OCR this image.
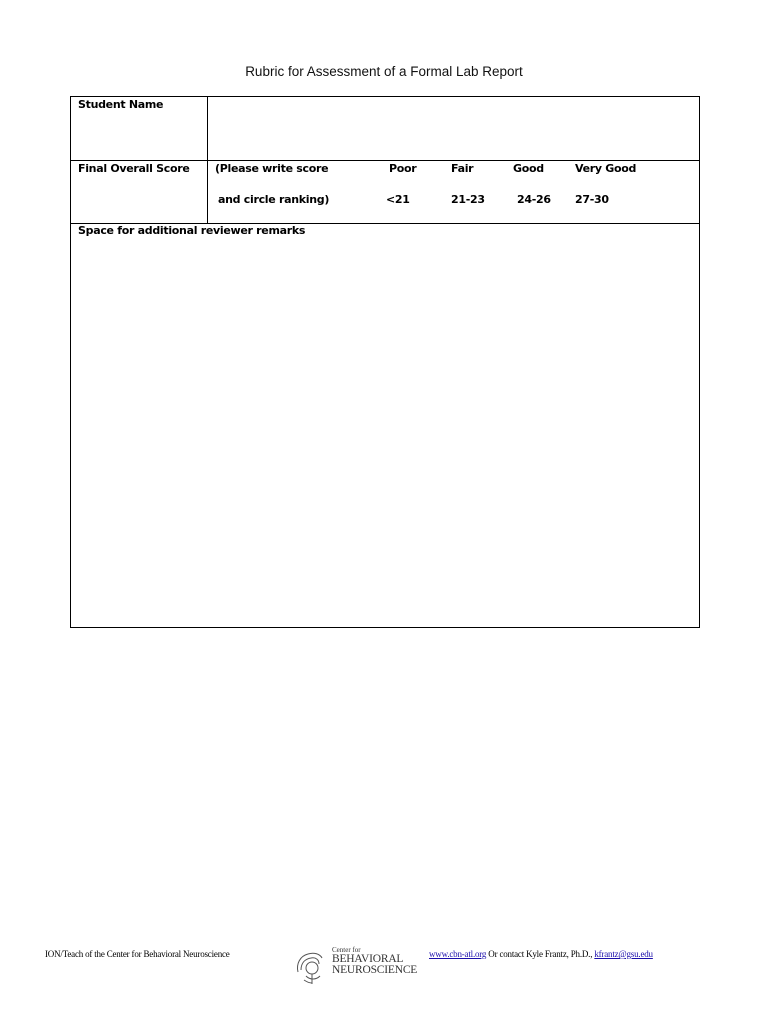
Rubric for Assessment of a Formal Lab Report
Student Name
Final Overall Score (Please write score
and circle ranking)
Poor
<21
Fair
21-23
Good
24-26
Very Good
27-30
Space for additional reviewer remarks
ION/Teach of the Center for Behavioral Neuroscience	Center for
BEHAVIORAL
NEUROSCIENCE
www.cbn-atl.org Or contact Kyle Frantz, Ph.D., kfrantz@gsu.edu
